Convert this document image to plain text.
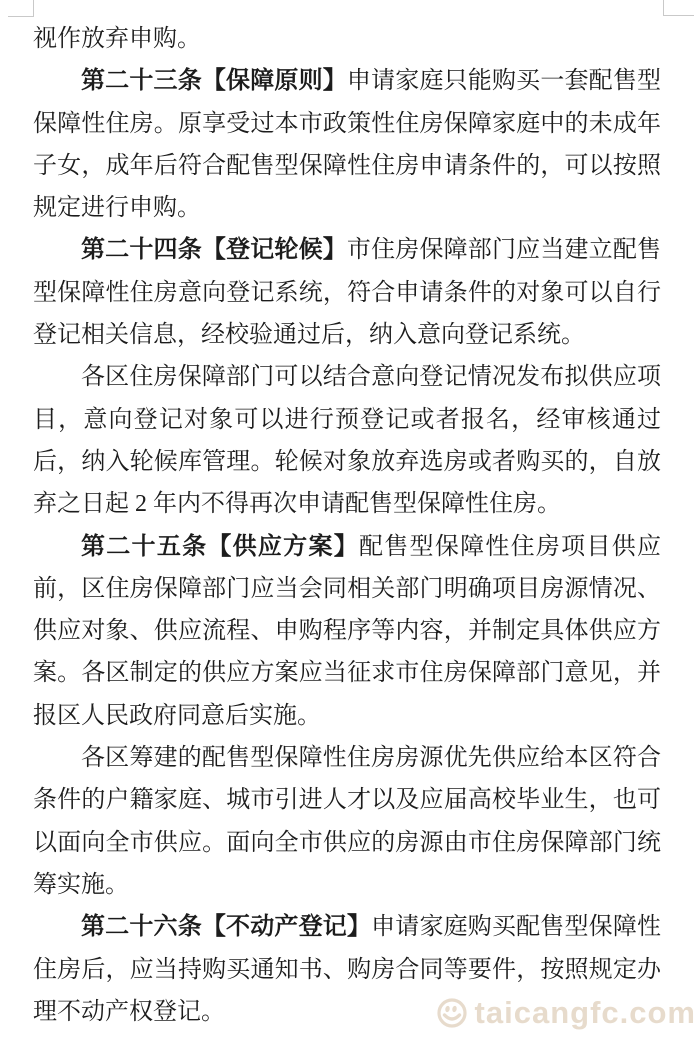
视作放弃申购。

第二十三条【保障原则】申请家庭只能购买一套配售型保障性住房。原享受过本市政策性住房保障家庭中的未成年子女，成年后符合配售型保障性住房申请条件的，可以按照规定进行申购。

第二十四条【登记轮候】市住房保障部门应当建立配售型保障性住房意向登记系统，符合申请条件的对象可以自行登记相关信息，经校验通过后，纳入意向登记系统。

各区住房保障部门可以结合意向登记情况发布拟供应项目，意向登记对象可以进行预登记或者报名，经审核通过后，纳入轮候库管理。轮候对象放弃选房或者购买的，自放弃之日起 2 年内不得再次申请配售型保障性住房。

第二十五条【供应方案】配售型保障性住房项目供应前，区住房保障部门应当会同相关部门明确项目房源情况、供应对象、供应流程、申购程序等内容，并制定具体供应方案。各区制定的供应方案应当征求市住房保障部门意见，并报区人民政府同意后实施。

各区筹建的配售型保障性住房房源优先供应给本区符合条件的户籍家庭、城市引进人才以及应届高校毕业生，也可以面向全市供应。面向全市供应的房源由市住房保障部门统筹实施。

第二十六条【不动产登记】申请家庭购买配售型保障性住房后，应当持购买通知书、购房合同等要件，按照规定办理不动产权登记。	taicangfc.com
